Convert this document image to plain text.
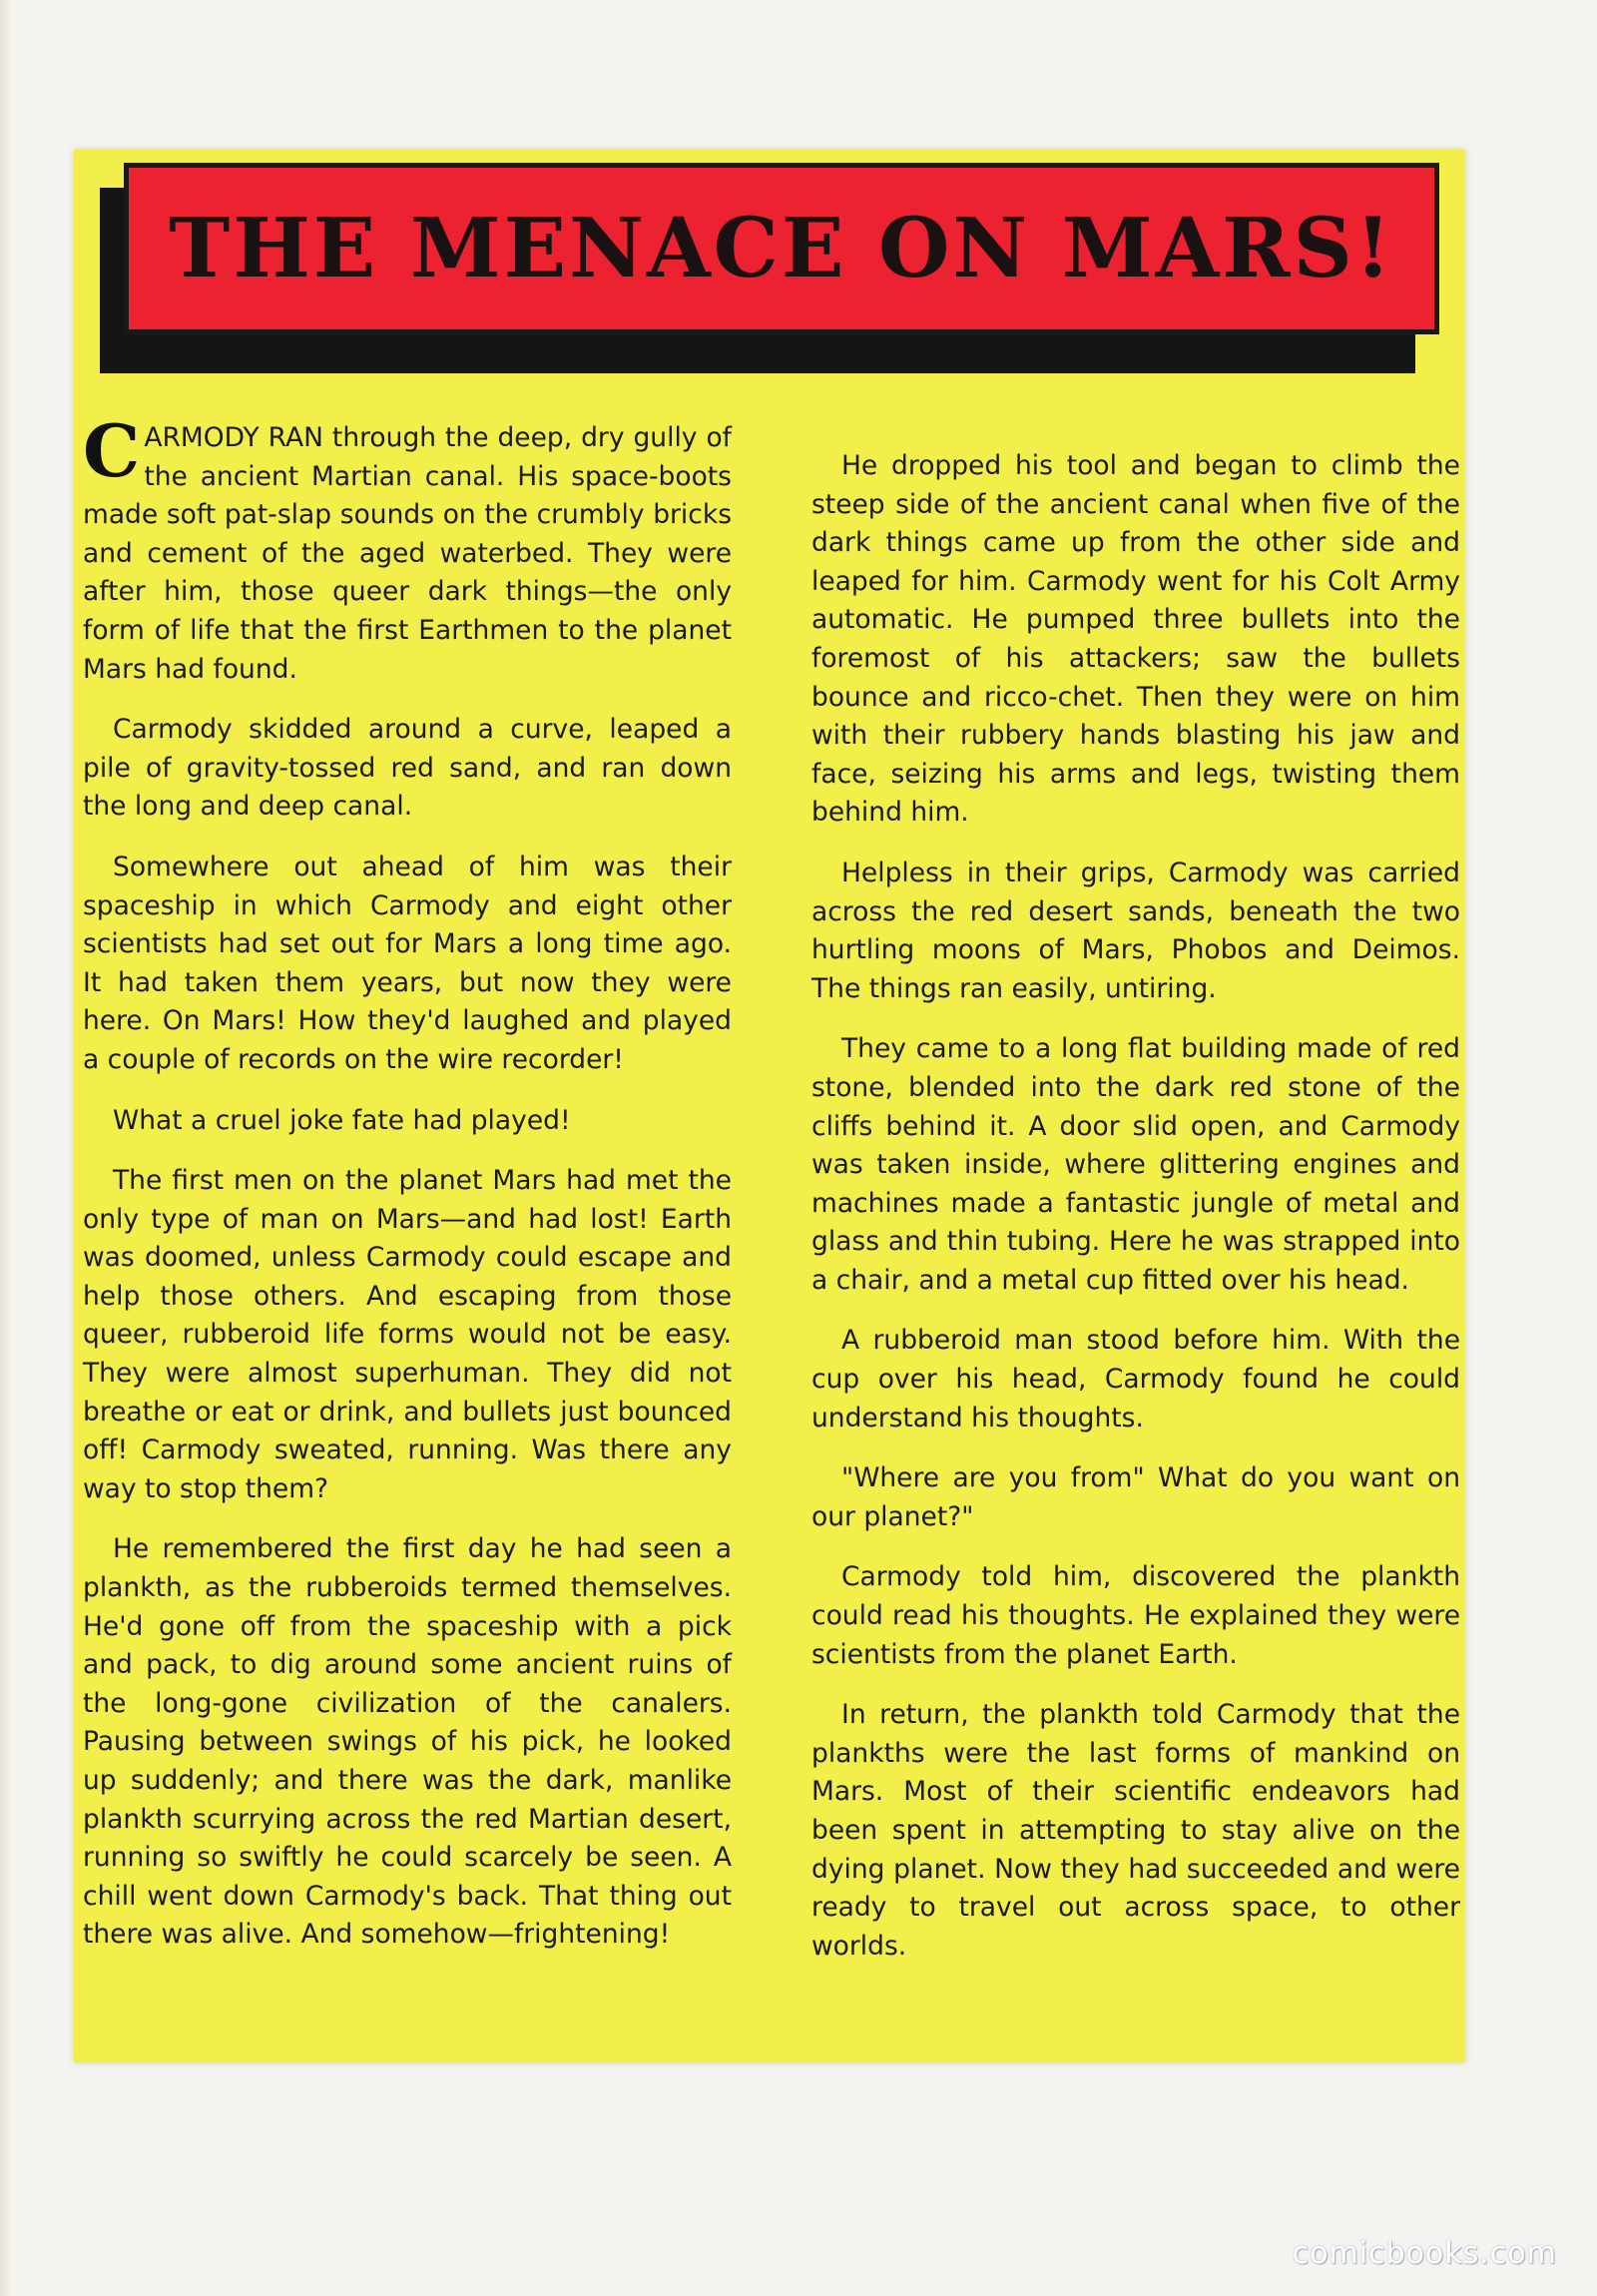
THE MENACE ON MARS!

CARMODY RAN through the deep, dry gully of the ancient Martian canal. His space-boots made soft pat-slap sounds on the crumbly bricks and cement of the aged waterbed. They were after him, those queer dark things—the only form of life that the first Earthmen to the planet Mars had found.

Carmody skidded around a curve, leaped a pile of gravity-tossed red sand, and ran down the long and deep canal.

Somewhere out ahead of him was their spaceship in which Carmody and eight other scientists had set out for Mars a long time ago. It had taken them years, but now they were here. On Mars! How they'd laughed and played a couple of records on the wire recorder!

What a cruel joke fate had played!

The first men on the planet Mars had met the only type of man on Mars—and had lost! Earth was doomed, unless Carmody could escape and help those others. And escaping from those queer, rubberoid life forms would not be easy. They were almost superhuman. They did not breathe or eat or drink, and bullets just bounced off! Carmody sweated, running. Was there any way to stop them?

He remembered the first day he had seen a plankth, as the rubberoids termed themselves. He'd gone off from the spaceship with a pick and pack, to dig around some ancient ruins of the long-gone civilization of the canalers. Pausing between swings of his pick, he looked up suddenly; and there was the dark, manlike plankth scurrying across the red Martian desert, running so swiftly he could scarcely be seen. A chill went down Carmody's back. That thing out there was alive. And somehow—frightening!

He dropped his tool and began to climb the steep side of the ancient canal when five of the dark things came up from the other side and leaped for him. Carmody went for his Colt Army automatic. He pumped three bullets into the foremost of his attackers; saw the bullets bounce and ricco-chet. Then they were on him with their rubbery hands blasting his jaw and face, seizing his arms and legs, twisting them behind him.

Helpless in their grips, Carmody was carried across the red desert sands, beneath the two hurtling moons of Mars, Phobos and Deimos. The things ran easily, untiring.

They came to a long flat building made of red stone, blended into the dark red stone of the cliffs behind it. A door slid open, and Carmody was taken inside, where glittering engines and machines made a fantastic jungle of metal and glass and thin tubing. Here he was strapped into a chair, and a metal cup fitted over his head.

A rubberoid man stood before him. With the cup over his head, Carmody found he could understand his thoughts.

"Where are you from" What do you want on our planet?"

Carmody told him, discovered the plankth could read his thoughts. He explained they were scientists from the planet Earth.

In return, the plankth told Carmody that the plankths were the last forms of mankind on Mars. Most of their scientific endeavors had been spent in attempting to stay alive on the dying planet. Now they had succeeded and were ready to travel out across space, to other worlds.

comicbooks.com
